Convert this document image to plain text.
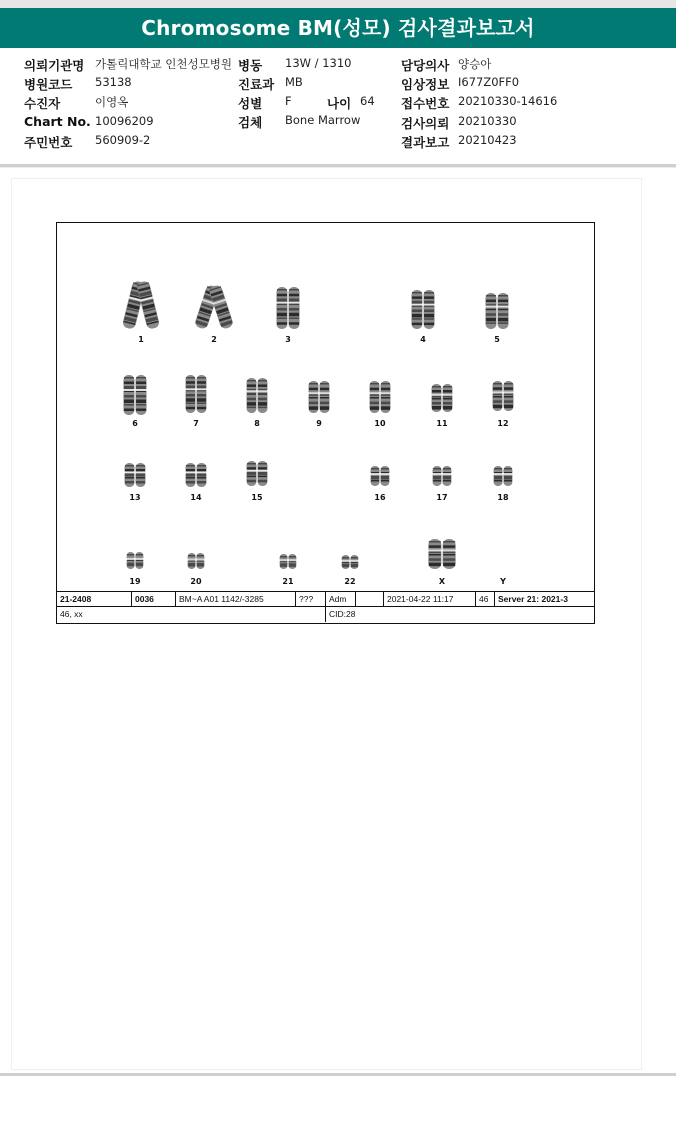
Chromosome BM(성모) 검사결과보고서
의뢰기관명 가톨릭대학교 인천성모병원 병동 13W / 1310	담당의사 양승아
병원코드 53138	진료과 MB	임상정보 I677Z0FF0
수진자	이영옥	성별 F	나이 64 접수번호 20210330-14616
Chart No. 10096209	검체 Bone Marrow	검사의뢰 20210330
주민번호 560909-2	결과보고 20210423
1	2	3	4	5
6	7	8	9	10	11	12
13	14	15	16	17	18
19	20	21	22	X	Y
21-2408	0036	BM~A A01 1142/-3285	???	Adm	2021-04-22 11:17	46	Server 21: 2021-3
46, xx	CID:28
